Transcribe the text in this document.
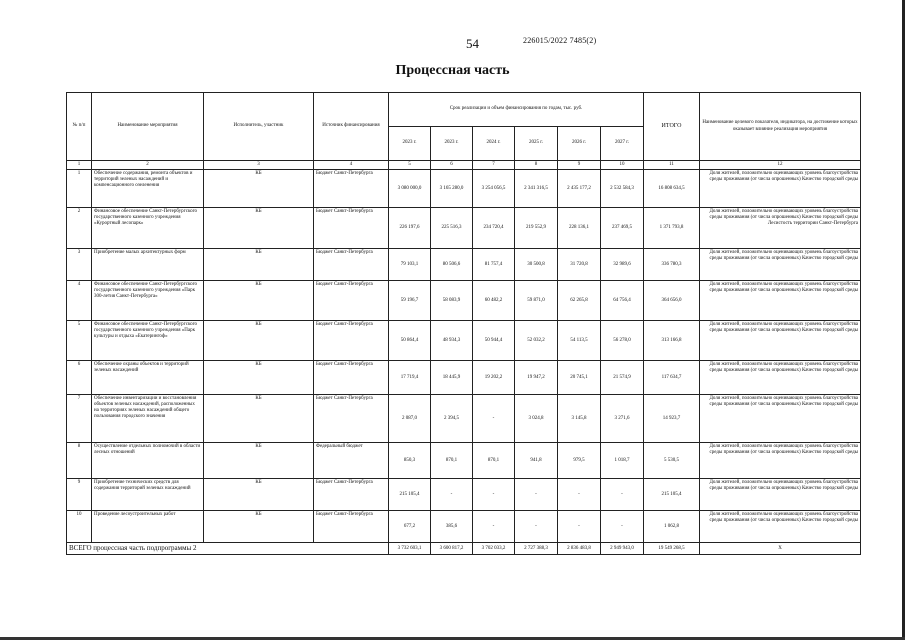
54	226015/2022 7485(2)
Процессная часть
№ п/п	Наименование мероприятия	Исполнитель, участник	Источник финансирования	Срок реализации и объем финансирования по годам, тыс. руб.						ИТОГО	Наименование целевого показателя, индикатора, на достижение которых оказывает влияние реализация мероприятия
				2023 г.	2023 г.	2024 г.	2025 г.	2026 г.	2027 г.		
1	2	3	4	5	6	7	8	9	10	11	12
1	Обеспечение содержания, ремонта объектов и территорий зеленых насаждений и компенсационного озеленения	КБ	Бюджет Санкт-Петербурга	3 080 000,0	3 165 280,0	3 254 056,5	2 341 316,5	2 435 177,2	2 532 584,3	16 808 634,5	Доля жителей, положительно оценивающих уровень благоустройства среды проживания (от числа опрошенных) Качество городской среды
2	Финансовое обеспечение Санкт-Петербургского государственного казенного учреждения «Курортный лесопарк»	КБ	Бюджет Санкт-Петербурга	226 197,6	225 516,3	234 720,4	219 552,9	228 136,1	237 469,5	1 371 793,8	Доля жителей, положительно оценивающих уровень благоустройства среды проживания (от числа опрошенных) Качество городской среды Лесистость территории Санкт-Петербурга
3	Приобретение малых архитектурных форм	КБ	Бюджет Санкт-Петербурга	79 103,1	80 506,6	81 757,4	30 500,8	31 720,8	32 989,6	336 780,3	Доля жителей, положительно оценивающих уровень благоустройства среды проживания (от числа опрошенных) Качество городской среды
4	Финансовое обеспечение Санкт-Петербургского государственного казенного учреждения «Парк 300-летия Санкт-Петербурга»	КБ	Бюджет Санкт-Петербурга	59 196,7	58 083,9	60 482,2	59 871,0	62 265,8	64 756,4	364 656,0	Доля жителей, положительно оценивающих уровень благоустройства среды проживания (от числа опрошенных) Качество городской среды
5	Финансовое обеспечение Санкт-Петербургского государственного казенного учреждения «Парк культуры и отдыха «Екатерингоф»	КБ	Бюджет Санкт-Петербурга	50 864,4	48 934,3	50 944,4	52 032,2	54 113,5	56 278,0	313 166,8	Доля жителей, положительно оценивающих уровень благоустройства среды проживания (от числа опрошенных) Качество городской среды
6	Обеспечение охраны объектов и территорий зеленых насаждений	КБ	Бюджет Санкт-Петербурга	17 719,4	18 445,9	19 202,2	19 947,2	20 745,1	21 574,9	117 634,7	Доля жителей, положительно оценивающих уровень благоустройства среды проживания (от числа опрошенных) Качество городской среды
7	Обеспечение инвентаризации и восстановления объектов зеленых насаждений, расположенных на территориях зеленых насаждений общего пользования городского значения	КБ	Бюджет Санкт-Петербурга	2 087,0	2 394,5	-	3 024,8	3 145,8	3 271,6	14 923,7	Доля жителей, положительно оценивающих уровень благоустройства среды проживания (от числа опрошенных) Качество городской среды
8	Осуществление отдельных полномочий в области лесных отношений	КБ	Федеральный бюджет	850,3	870,1	870,1	941,8	979,5	1 018,7	5 530,5	Доля жителей, положительно оценивающих уровень благоустройства среды проживания (от числа опрошенных) Качество городской среды
9	Приобретение технических средств для содержания территорий зеленых насаждений	КБ	Бюджет Санкт-Петербурга	215 105,4	-	-	-	-	-	215 105,4	Доля жителей, положительно оценивающих уровень благоустройства среды проживания (от числа опрошенных) Качество городской среды
10	Проведение лесоустроительных работ	КБ	Бюджет Санкт-Петербурга	677,2	385,6	-	-	-	-	1 062,8	Доля жителей, положительно оценивающих уровень благоустройства среды проживания (от числа опрошенных) Качество городской среды
ВСЕГО процессная часть подпрограммы 2				3 732 603,1	3 600 817,2	3 702 033,2	2 727 388,3	2 836 483,8	2 949 943,0	19 549 268,5	X
